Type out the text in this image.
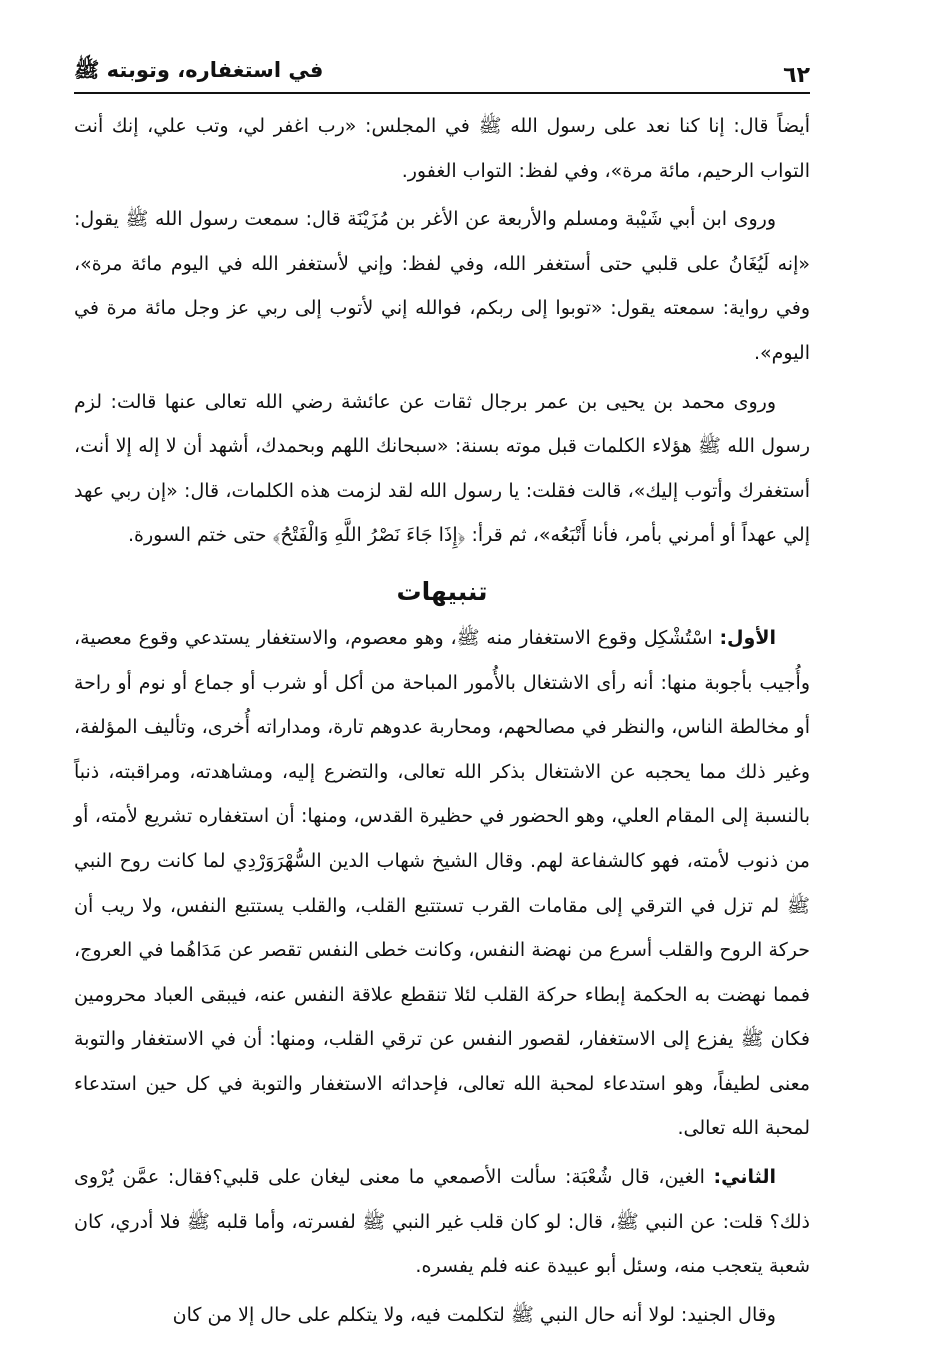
٦٢
في استغفاره، وتوبته ﷺ

أيضاً قال: إنا كنا نعد على رسول الله ﷺ في المجلس: «رب اغفر لي، وتب علي، إنك أنت التواب الرحيم، مائة مرة»، وفي لفظ: التواب الغفور.

وروى ابن أبي شَيْبة ومسلم والأربعة عن الأغر بن مُزَيْنَة قال: سمعت رسول الله ﷺ يقول: «إنه لَيُغَانُ على قلبي حتى أستغفر الله، وفي لفظ: وإني لأستغفر الله في اليوم مائة مرة»، وفي رواية: سمعته يقول: «توبوا إلى ربكم، فوالله إني لأتوب إلى ربي عز وجل مائة مرة في اليوم».

وروى محمد بن يحيى بن عمر برجال ثقات عن عائشة رضي الله تعالى عنها قالت: لزم رسول الله ﷺ هؤلاء الكلمات قبل موته بسنة: «سبحانك اللهم وبحمدك، أشهد أن لا إله إلا أنت، أستغفرك وأتوب إليك»، قالت فقلت: يا رسول الله لقد لزمت هذه الكلمات، قال: «إن ربي عهد إلي عهداً أو أمرني بأمر، فأنا أَتْبَعُه»، ثم قرأ: ﴿إِذَا جَاءَ نَصْرُ اللَّهِ وَالْفَتْحُ﴾ حتى ختم السورة.

تنبيهات

الأول: اسْتُشْكِل وقوع الاستغفار منه ﷺ، وهو معصوم، والاستغفار يستدعي وقوع معصية، وأُجيب بأجوبة منها: أنه رأى الاشتغال بالأُمور المباحة من أكل أو شرب أو جماع أو نوم أو راحة أو مخالطة الناس، والنظر في مصالحهم، ومحاربة عدوهم تارة، ومداراته أُخرى، وتأليف المؤلفة، وغير ذلك مما يحجبه عن الاشتغال بذكر الله تعالى، والتضرع إليه، ومشاهدته، ومراقبته، ذنباً بالنسبة إلى المقام العلي، وهو الحضور في حظيرة القدس، ومنها: أن استغفاره تشريع لأمته، أو من ذنوب لأمته، فهو كالشفاعة لهم. وقال الشيخ شهاب الدين السُّهْرَوَرْدِي لما كانت روح النبي ﷺ لم تزل في الترقي إلى مقامات القرب تستتبع القلب، والقلب يستتبع النفس، ولا ريب أن حركة الروح والقلب أسرع من نهضة النفس، وكانت خطى النفس تقصر عن مَدَاهُما في العروج، فمما نهضت به الحكمة إبطاء حركة القلب لئلا تنقطع علاقة النفس عنه، فيبقى العباد محرومين فكان ﷺ يفزع إلى الاستغفار، لقصور النفس عن ترقي القلب، ومنها: أن في الاستغفار والتوبة معنى لطيفاً، وهو استدعاء لمحبة الله تعالى، فإحداثه الاستغفار والتوبة في كل حين استدعاء لمحبة الله تعالى.

الثاني: الغين، قال شُعْبَة: سألت الأصمعي ما معنى ليغان على قلبي؟فقال: عمَّن يُرْوى ذلك؟ قلت: عن النبي ﷺ، قال: لو كان قلب غير النبي ﷺ لفسرته، وأما قلبه ﷺ فلا أدري، كان شعبة يتعجب منه، وسئل أبو عبيدة عنه فلم يفسره.

وقال الجنيد: لولا أنه حال النبي ﷺ لتكلمت فيه، ولا يتكلم على حال إلا من كان
